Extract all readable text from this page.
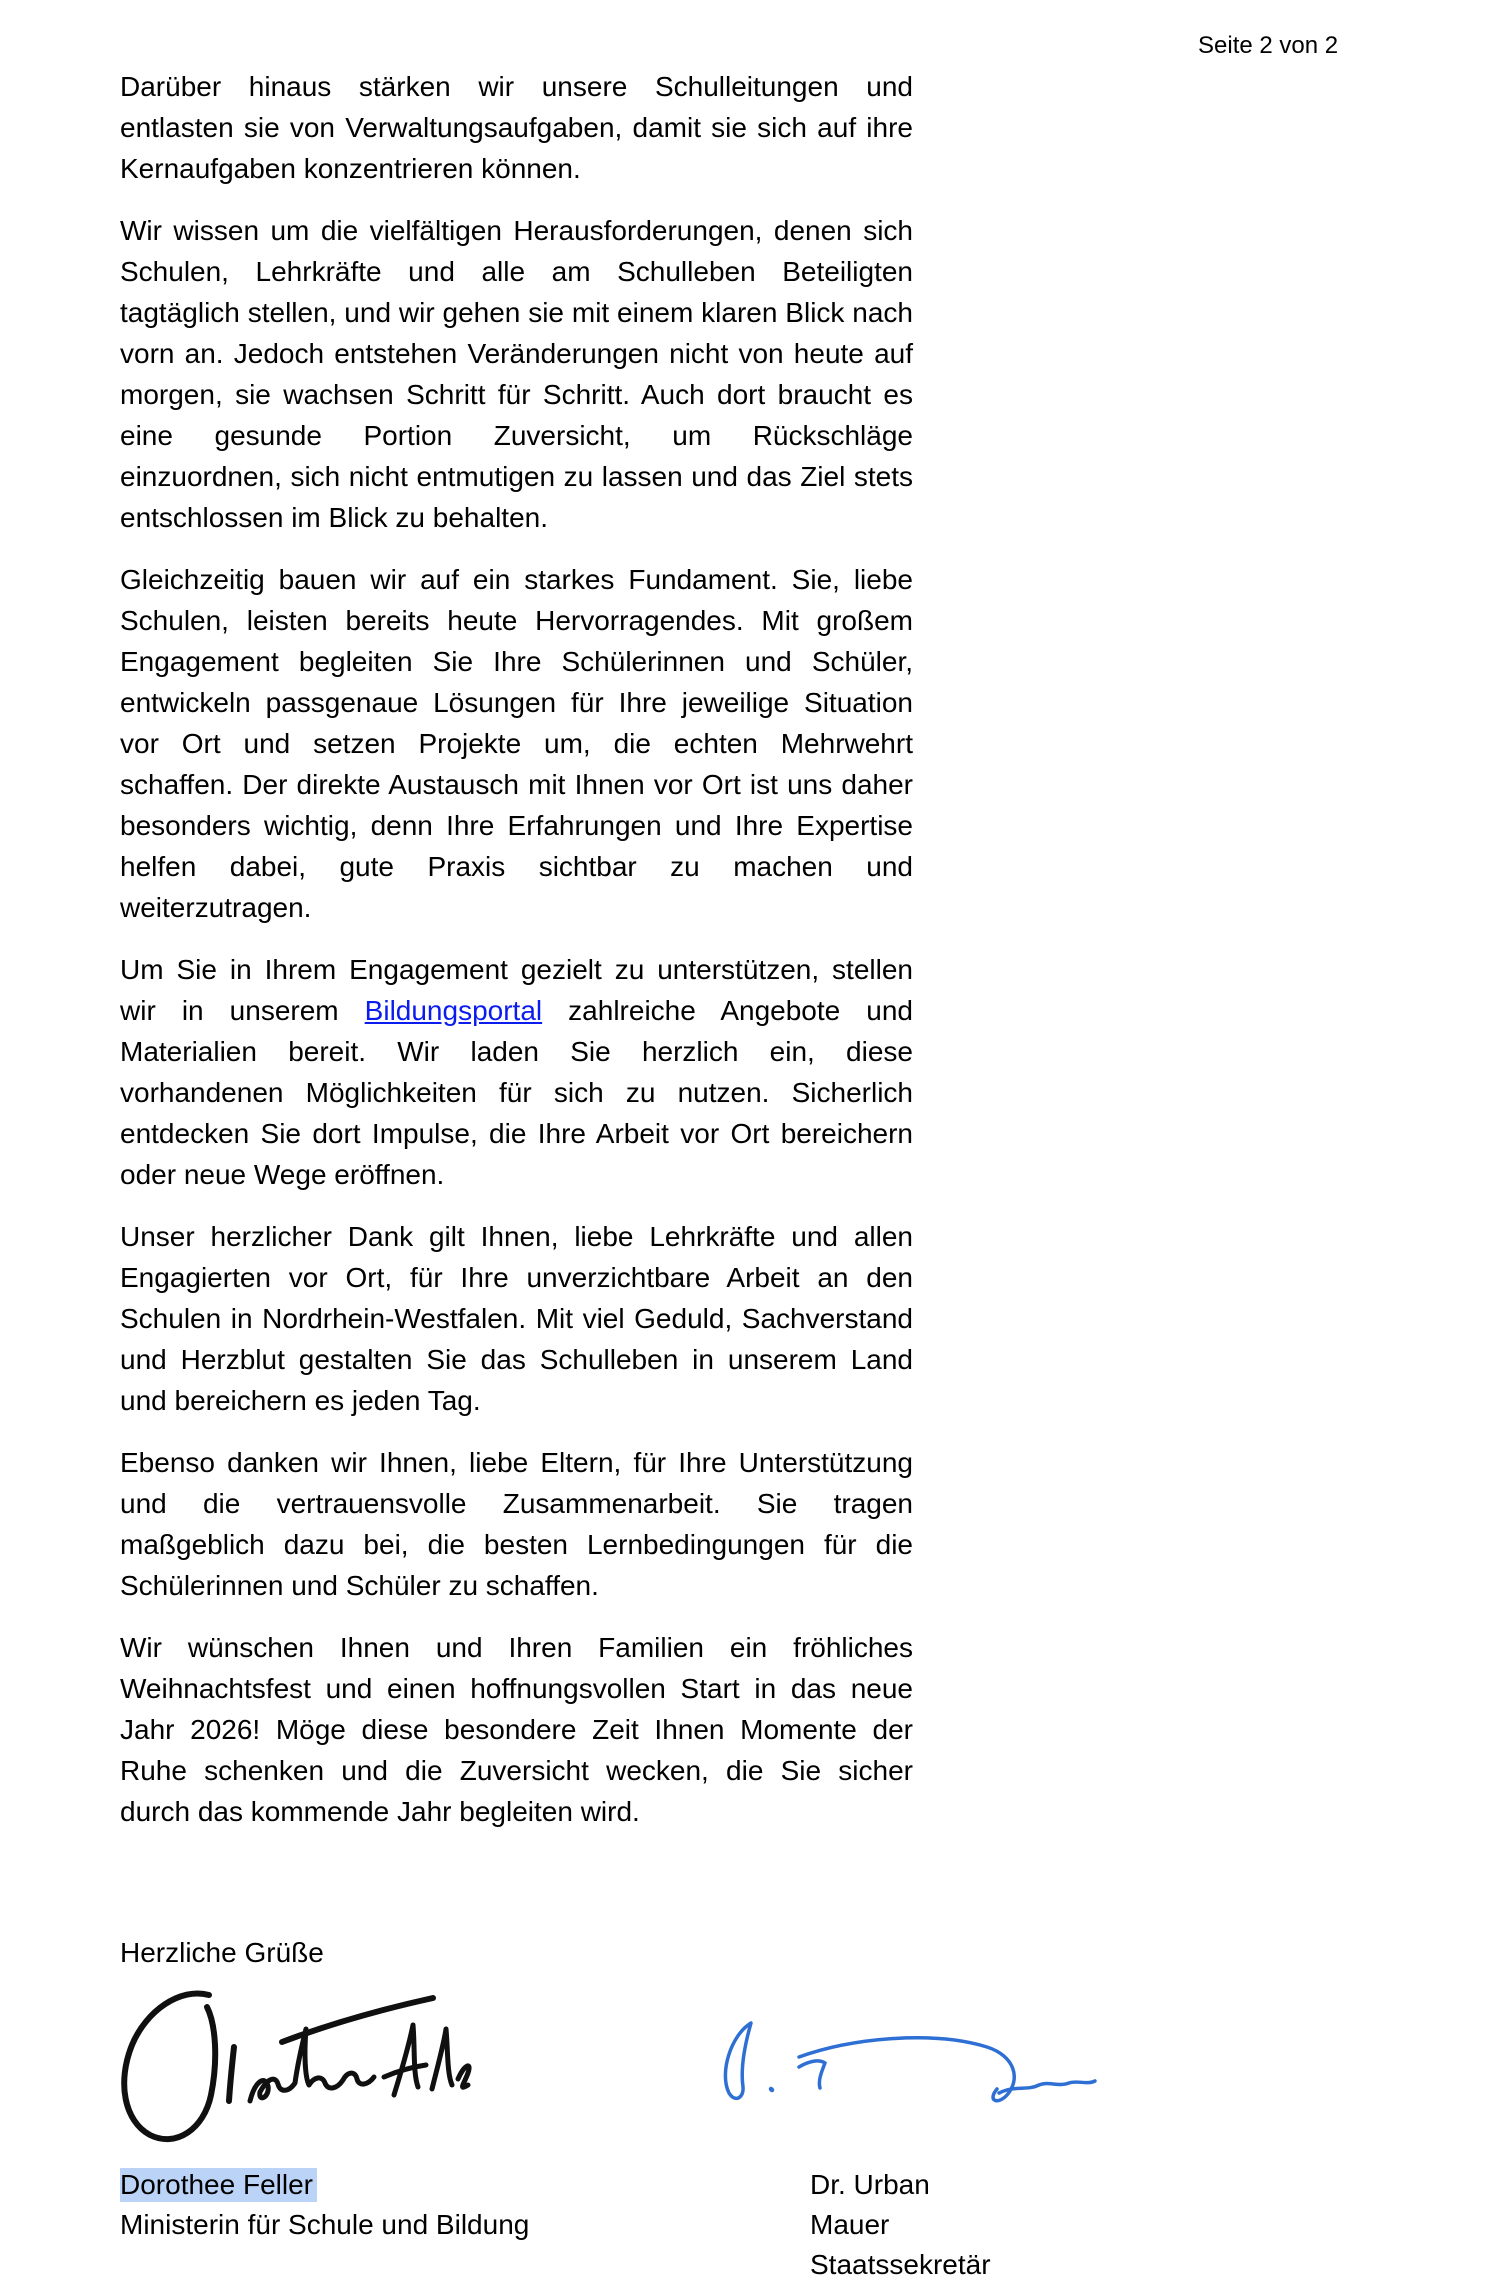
Seite 2 von 2

Darüber hinaus stärken wir unsere Schulleitungen und entlasten sie von Verwaltungsaufgaben, damit sie sich auf ihre Kernaufgaben konzentrieren können.

Wir wissen um die vielfältigen Herausforderungen, denen sich Schulen, Lehrkräfte und alle am Schulleben Beteiligten tagtäglich stellen, und wir gehen sie mit einem klaren Blick nach vorn an. Jedoch entstehen Veränderungen nicht von heute auf morgen, sie wachsen Schritt für Schritt. Auch dort braucht es eine gesunde Portion Zuversicht, um Rückschläge einzuordnen, sich nicht entmutigen zu lassen und das Ziel stets entschlossen im Blick zu behalten.

Gleichzeitig bauen wir auf ein starkes Fundament. Sie, liebe Schulen, leisten bereits heute Hervorragendes. Mit großem Engagement begleiten Sie Ihre Schülerinnen und Schüler, entwickeln passgenaue Lösungen für Ihre jeweilige Situation vor Ort und setzen Projekte um, die echten Mehrwehrt schaffen. Der direkte Austausch mit Ihnen vor Ort ist uns daher besonders wichtig, denn Ihre Erfahrungen und Ihre Expertise helfen dabei, gute Praxis sichtbar zu machen und weiterzutragen.

Um Sie in Ihrem Engagement gezielt zu unterstützen, stellen wir in unserem Bildungsportal zahlreiche Angebote und Materialien bereit. Wir laden Sie herzlich ein, diese vorhandenen Möglichkeiten für sich zu nutzen. Sicherlich entdecken Sie dort Impulse, die Ihre Arbeit vor Ort bereichern oder neue Wege eröffnen.

Unser herzlicher Dank gilt Ihnen, liebe Lehrkräfte und allen Engagierten vor Ort, für Ihre unverzichtbare Arbeit an den Schulen in Nordrhein-Westfalen. Mit viel Geduld, Sachverstand und Herzblut gestalten Sie das Schulleben in unserem Land und bereichern es jeden Tag.

Ebenso danken wir Ihnen, liebe Eltern, für Ihre Unterstützung und die vertrauensvolle Zusammenarbeit. Sie tragen maßgeblich dazu bei, die besten Lernbedingungen für die Schülerinnen und Schüler zu schaffen.

Wir wünschen Ihnen und Ihren Familien ein fröhliches Weihnachtsfest und einen hoffnungsvollen Start in das neue Jahr 2026! Möge diese besondere Zeit Ihnen Momente der Ruhe schenken und die Zuversicht wecken, die Sie sicher durch das kommende Jahr begleiten wird.

Herzliche Grüße
Dorothee Feller
Ministerin für Schule und Bildung
Dr. Urban Mauer
Staatssekretär
